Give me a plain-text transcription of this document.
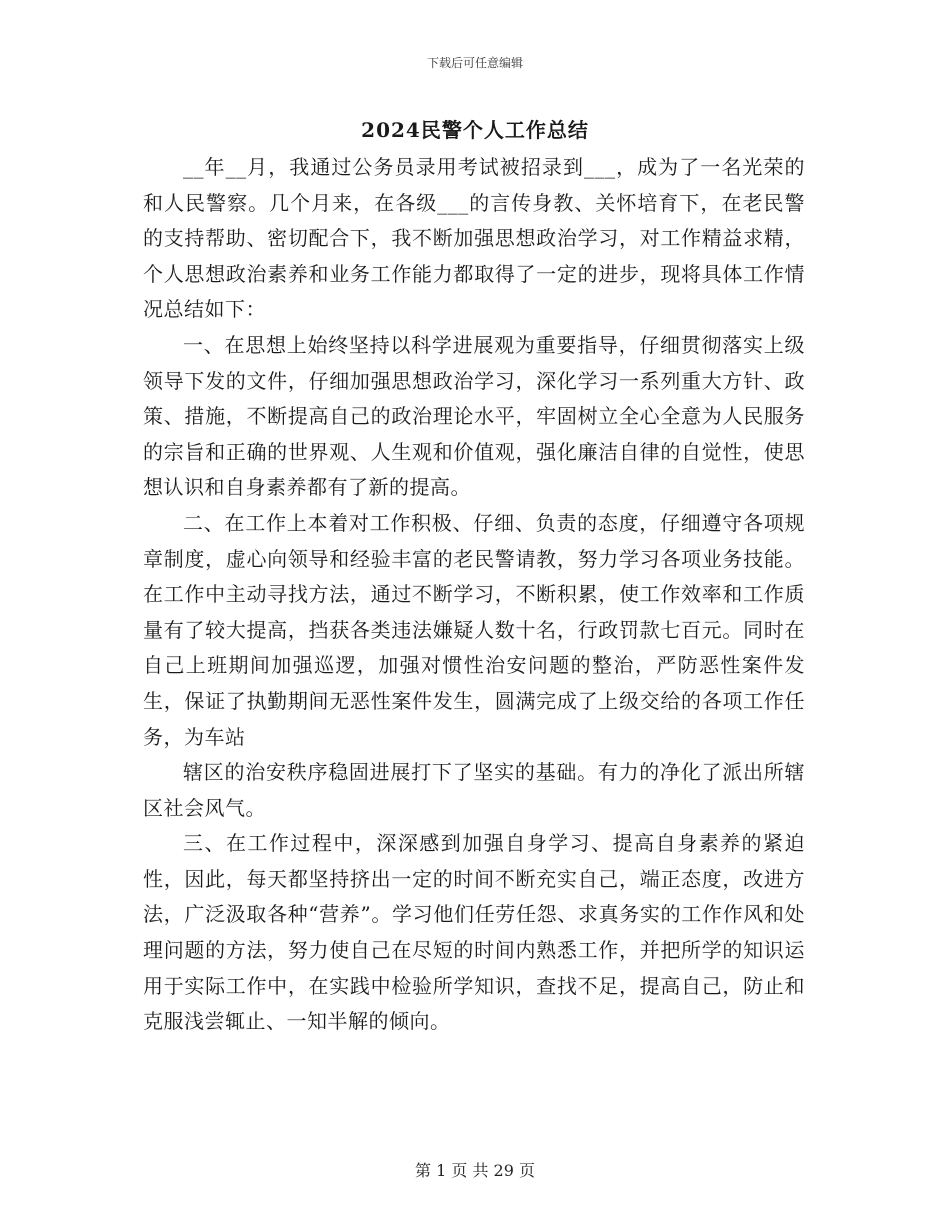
下载后可任意编辑
2024民警个人工作总结

__年__月，我通过公务员录用考试被招录到___，成为了一名光荣的和人民警察。几个月来，在各级___的言传身教、关怀培育下，在老民警的支持帮助、密切配合下，我不断加强思想政治学习，对工作精益求精，个人思想政治素养和业务工作能力都取得了一定的进步，现将具体工作情况总结如下：

一、在思想上始终坚持以科学进展观为重要指导，仔细贯彻落实上级领导下发的文件，仔细加强思想政治学习，深化学习一系列重大方针、政策、措施，不断提高自己的政治理论水平，牢固树立全心全意为人民服务的宗旨和正确的世界观、人生观和价值观，强化廉洁自律的自觉性，使思想认识和自身素养都有了新的提高。

二、在工作上本着对工作积极、仔细、负责的态度，仔细遵守各项规章制度，虚心向领导和经验丰富的老民警请教，努力学习各项业务技能。在工作中主动寻找方法，通过不断学习，不断积累，使工作效率和工作质量有了较大提高，挡获各类违法嫌疑人数十名，行政罚款七百元。同时在自己上班期间加强巡逻，加强对惯性治安问题的整治，严防恶性案件发生，保证了执勤期间无恶性案件发生，圆满完成了上级交给的各项工作任务，为车站

辖区的治安秩序稳固进展打下了坚实的基础。有力的净化了派出所辖区社会风气。

三、在工作过程中，深深感到加强自身学习、提高自身素养的紧迫性，因此，每天都坚持挤出一定的时间不断充实自己，端正态度，改进方法，广泛汲取各种“营养”。学习他们任劳任怨、求真务实的工作作风和处理问题的方法，努力使自己在尽短的时间内熟悉工作，并把所学的知识运用于实际工作中，在实践中检验所学知识，查找不足，提高自己，防止和克服浅尝辄止、一知半解的倾向。

第 1 页 共 29 页
